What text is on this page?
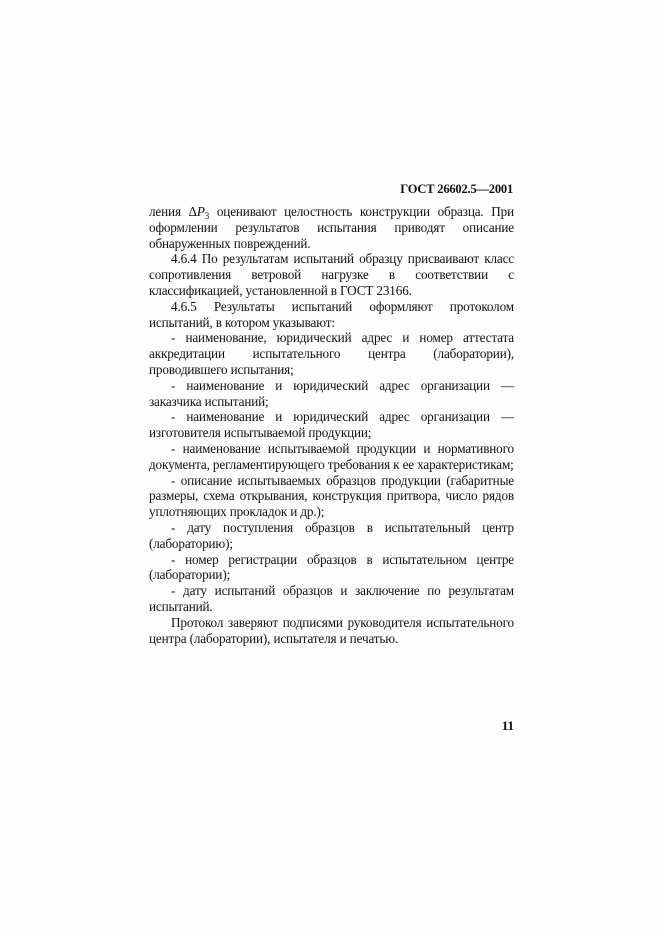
ГОСТ 26602.5—2001

ления $\Delta P_3$ оценивают целостность конструкции образца. При оформлении результатов испытания приводят описание обнаруженных повреждений.

4.6.4 По результатам испытаний образцу присваивают класс сопротивления ветровой нагрузке в соответствии с классификацией, установленной в ГОСТ 23166.

4.6.5 Результаты испытаний оформляют протоколом испытаний, в котором указывают:

- наименование, юридический адрес и номер аттестата аккредитации испытательного центра (лаборатории), проводившего испытания;

- наименование и юридический адрес организации — заказчика испытаний;

- наименование и юридический адрес организации — изготовителя испытываемой продукции;

- наименование испытываемой продукции и нормативного документа, регламентирующего требования к ее характеристикам;

- описание испытываемых образцов продукции (габаритные размеры, схема открывания, конструкция притвора, число рядов уплотняющих прокладок и др.);

- дату поступления образцов в испытательный центр (лабораторию);

- номер регистрации образцов в испытательном центре (лаборатории);

- дату испытаний образцов и заключение по результатам испытаний.

Протокол заверяют подписями руководителя испытательного центра (лаборатории), испытателя и печатью.

11
